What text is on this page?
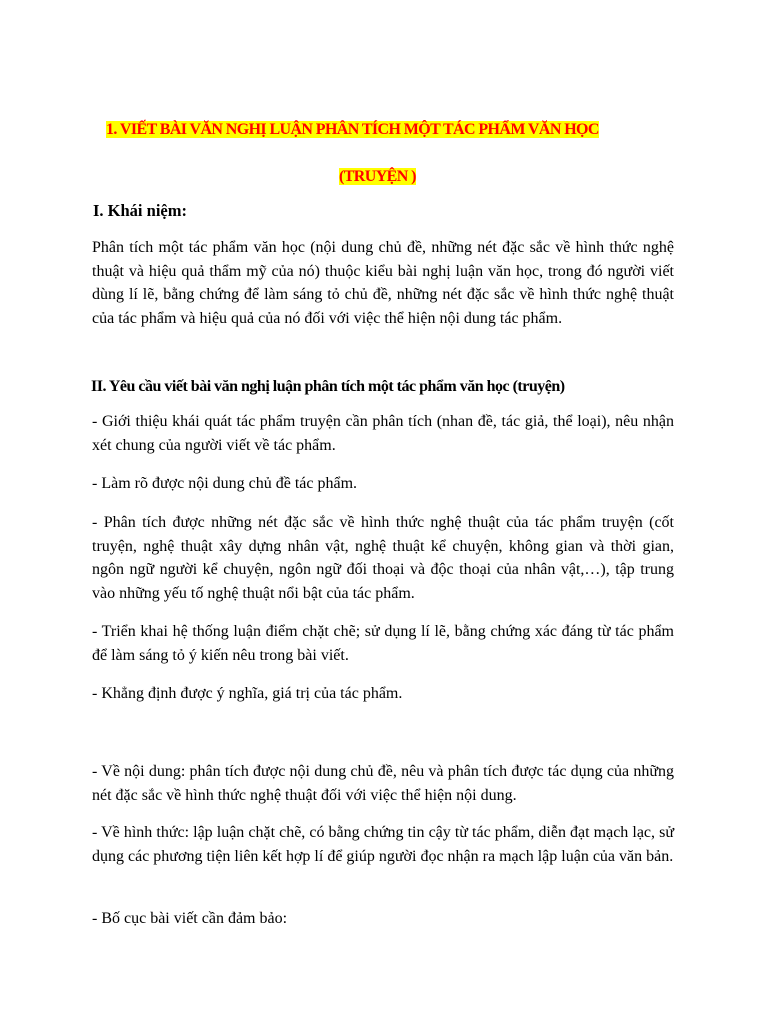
1. VIẾT BÀI VĂN NGHỊ LUẬN PHÂN TÍCH MỘT TÁC PHẨM VĂN HỌC
(TRUYỆN )
I. Khái niệm:

Phân tích một tác phẩm văn học (nội dung chủ đề, những nét đặc sắc về hình thức nghệ thuật và hiệu quả thẩm mỹ của nó) thuộc kiểu bài nghị luận văn học, trong đó người viết dùng lí lẽ, bằng chứng để làm sáng tỏ chủ đề, những nét đặc sắc về hình thức nghệ thuật của tác phẩm và hiệu quả của nó đối với việc thể hiện nội dung tác phẩm.

II. Yêu cầu viết bài văn nghị luận phân tích một tác phẩm văn học (truyện)

- Giới thiệu khái quát tác phẩm truyện cần phân tích (nhan đề, tác giả, thể loại), nêu nhận xét chung của người viết về tác phẩm.

- Làm rõ được nội dung chủ đề tác phẩm.

- Phân tích được những nét đặc sắc về hình thức nghệ thuật của tác phẩm truyện (cốt truyện, nghệ thuật xây dựng nhân vật, nghệ thuật kể chuyện, không gian và thời gian, ngôn ngữ người kể chuyện, ngôn ngữ đối thoại và độc thoại của nhân vật,…), tập trung vào những yếu tố nghệ thuật nổi bật của tác phẩm.

- Triển khai hệ thống luận điểm chặt chẽ; sử dụng lí lẽ, bằng chứng xác đáng từ tác phẩm để làm sáng tỏ ý kiến nêu trong bài viết.

- Khẳng định được ý nghĩa, giá trị của tác phẩm.

- Về nội dung: phân tích được nội dung chủ đề, nêu và phân tích được tác dụng của những nét đặc sắc về hình thức nghệ thuật đối với việc thể hiện nội dung.

- Về hình thức: lập luận chặt chẽ, có bằng chứng tin cậy từ tác phẩm, diễn đạt mạch lạc, sử dụng các phương tiện liên kết hợp lí để giúp người đọc nhận ra mạch lập luận của văn bản.

- Bố cục bài viết cần đảm bảo:
